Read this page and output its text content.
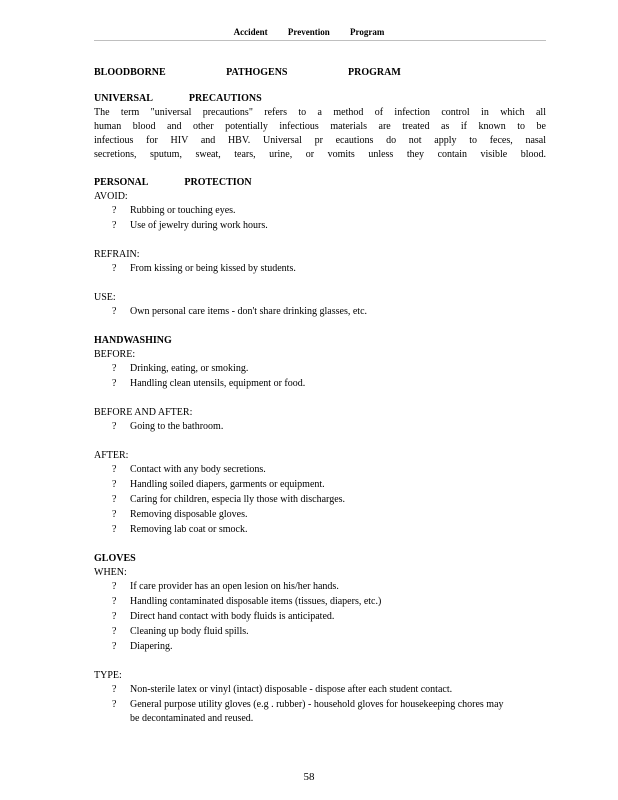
Accident Prevention Program

BLOODBORNE PATHOGENS PROGRAM

UNIVERSAL PRECAUTIONS

The term "universal precautions" refers to a method of infection control in which all
human blood and other potentially infectious materials are treated as if known to be
infectious for HIV and HBV. Universal pr ecautions do not apply to feces, nasal
secretions, sputum, sweat, tears, urine, or vomits unless they contain visible blood.

PERSONAL PROTECTION

AVOID:

? Rubbing or touching eyes.
? Use of jewelry during work hours.

REFRAIN:

? From kissing or being kissed by students.

USE:

? Own personal care items - don't share drinking glasses, etc.

HANDWASHING

BEFORE:

? Drinking, eating, or smoking.
? Handling clean utensils, equipment or food.

BEFORE AND AFTER:

? Going to the bathroom.

AFTER:

? Contact with any body secretions.
? Handling soiled diapers, garments or equipment.
? Caring for children, especia lly those with discharges.
? Removing disposable gloves.
? Removing lab coat or smock.

GLOVES

WHEN:

? If care provider has an open lesion on his/her hands.
? Handling contaminated disposable items (tissues, diapers, etc.)
? Direct hand contact with body fluids is anticipated.
? Cleaning up body fluid spills.
? Diapering.

TYPE:

? Non-sterile latex or vinyl (intact) disposable - dispose after each student contact.
? General purpose utility gloves (e.g . rubber) - household gloves for housekeeping chores may be decontaminated and reused.
58
